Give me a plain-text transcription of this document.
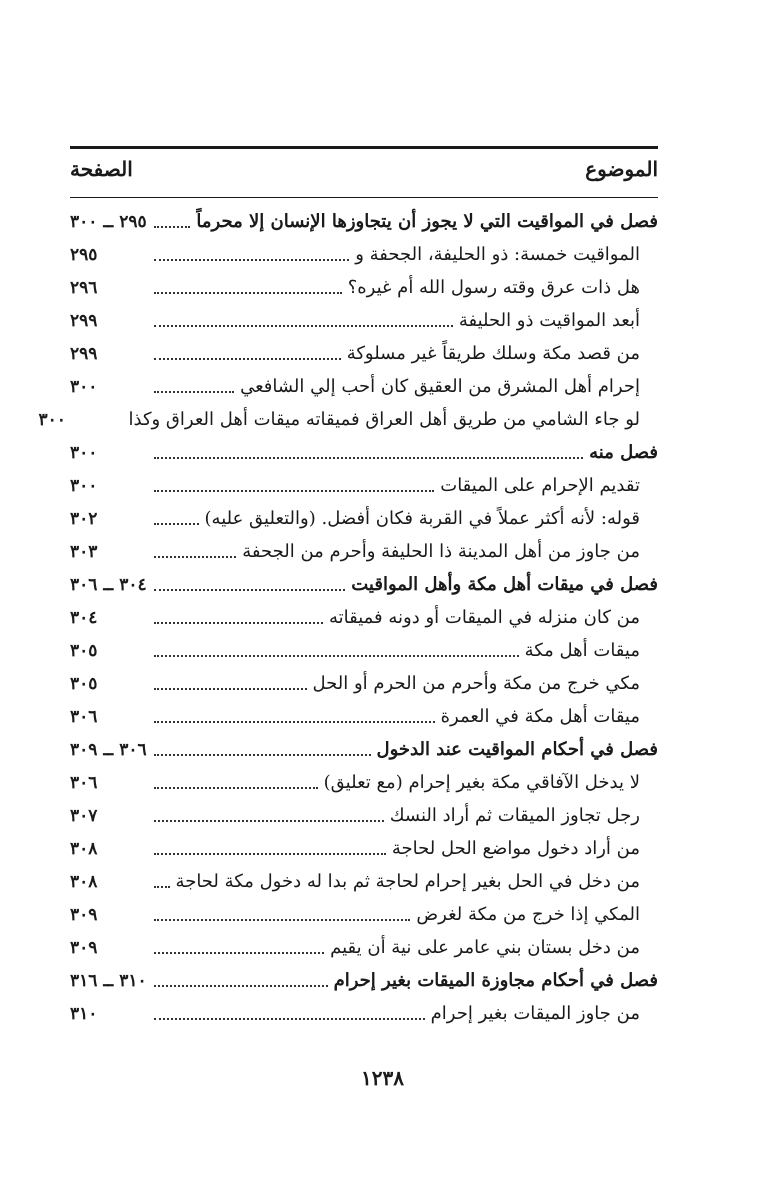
الموضوع
الصفحة
فصل في المواقيت التي لا يجوز أن يتجاوزها الإنسان إلا محرماً
٢٩٥ ــ ٣٠٠
المواقيت خمسة: ذو الحليفة، الجحفة و
٢٩٥
هل ذات عرق وقته رسول الله أم غيره؟
٢٩٦
أبعد المواقيت ذو الحليفة
٢٩٩
من قصد مكة وسلك طريقاً غير مسلوكة
٢٩٩
إحرام أهل المشرق من العقيق كان أحب إلي الشافعي
٣٠٠
لو جاء الشامي من طريق أهل العراق فميقاته ميقات أهل العراق وكذا
٣٠٠
فصل منه
٣٠٠
تقديم الإحرام على الميقات
٣٠٠
قوله: لأنه أكثر عملاً في القربة فكان أفضل. (والتعليق عليه)
٣٠٢
من جاوز من أهل المدينة ذا الحليفة وأحرم من الجحفة
٣٠٣
فصل في ميقات أهل مكة وأهل المواقيت
٣٠٤ ــ ٣٠٦
من كان منزله في الميقات أو دونه فميقاته
٣٠٤
ميقات أهل مكة
٣٠٥
مكي خرج من مكة وأحرم من الحرم أو الحل
٣٠٥
ميقات أهل مكة في العمرة
٣٠٦
فصل في أحكام المواقيت عند الدخول
٣٠٦ ــ ٣٠٩
لا يدخل الآفاقي مكة بغير إحرام (مع تعليق)
٣٠٦
رجل تجاوز الميقات ثم أراد النسك
٣٠٧
من أراد دخول مواضع الحل لحاجة
٣٠٨
من دخل في الحل بغير إحرام لحاجة ثم بدا له دخول مكة لحاجة
٣٠٨
المكي إذا خرج من مكة لغرض
٣٠٩
من دخل بستان بني عامر على نية أن يقيم
٣٠٩
فصل في أحكام مجاوزة الميقات بغير إحرام
٣١٠ ــ ٣١٦
من جاوز الميقات بغير إحرام
٣١٠
١٢٣٨
